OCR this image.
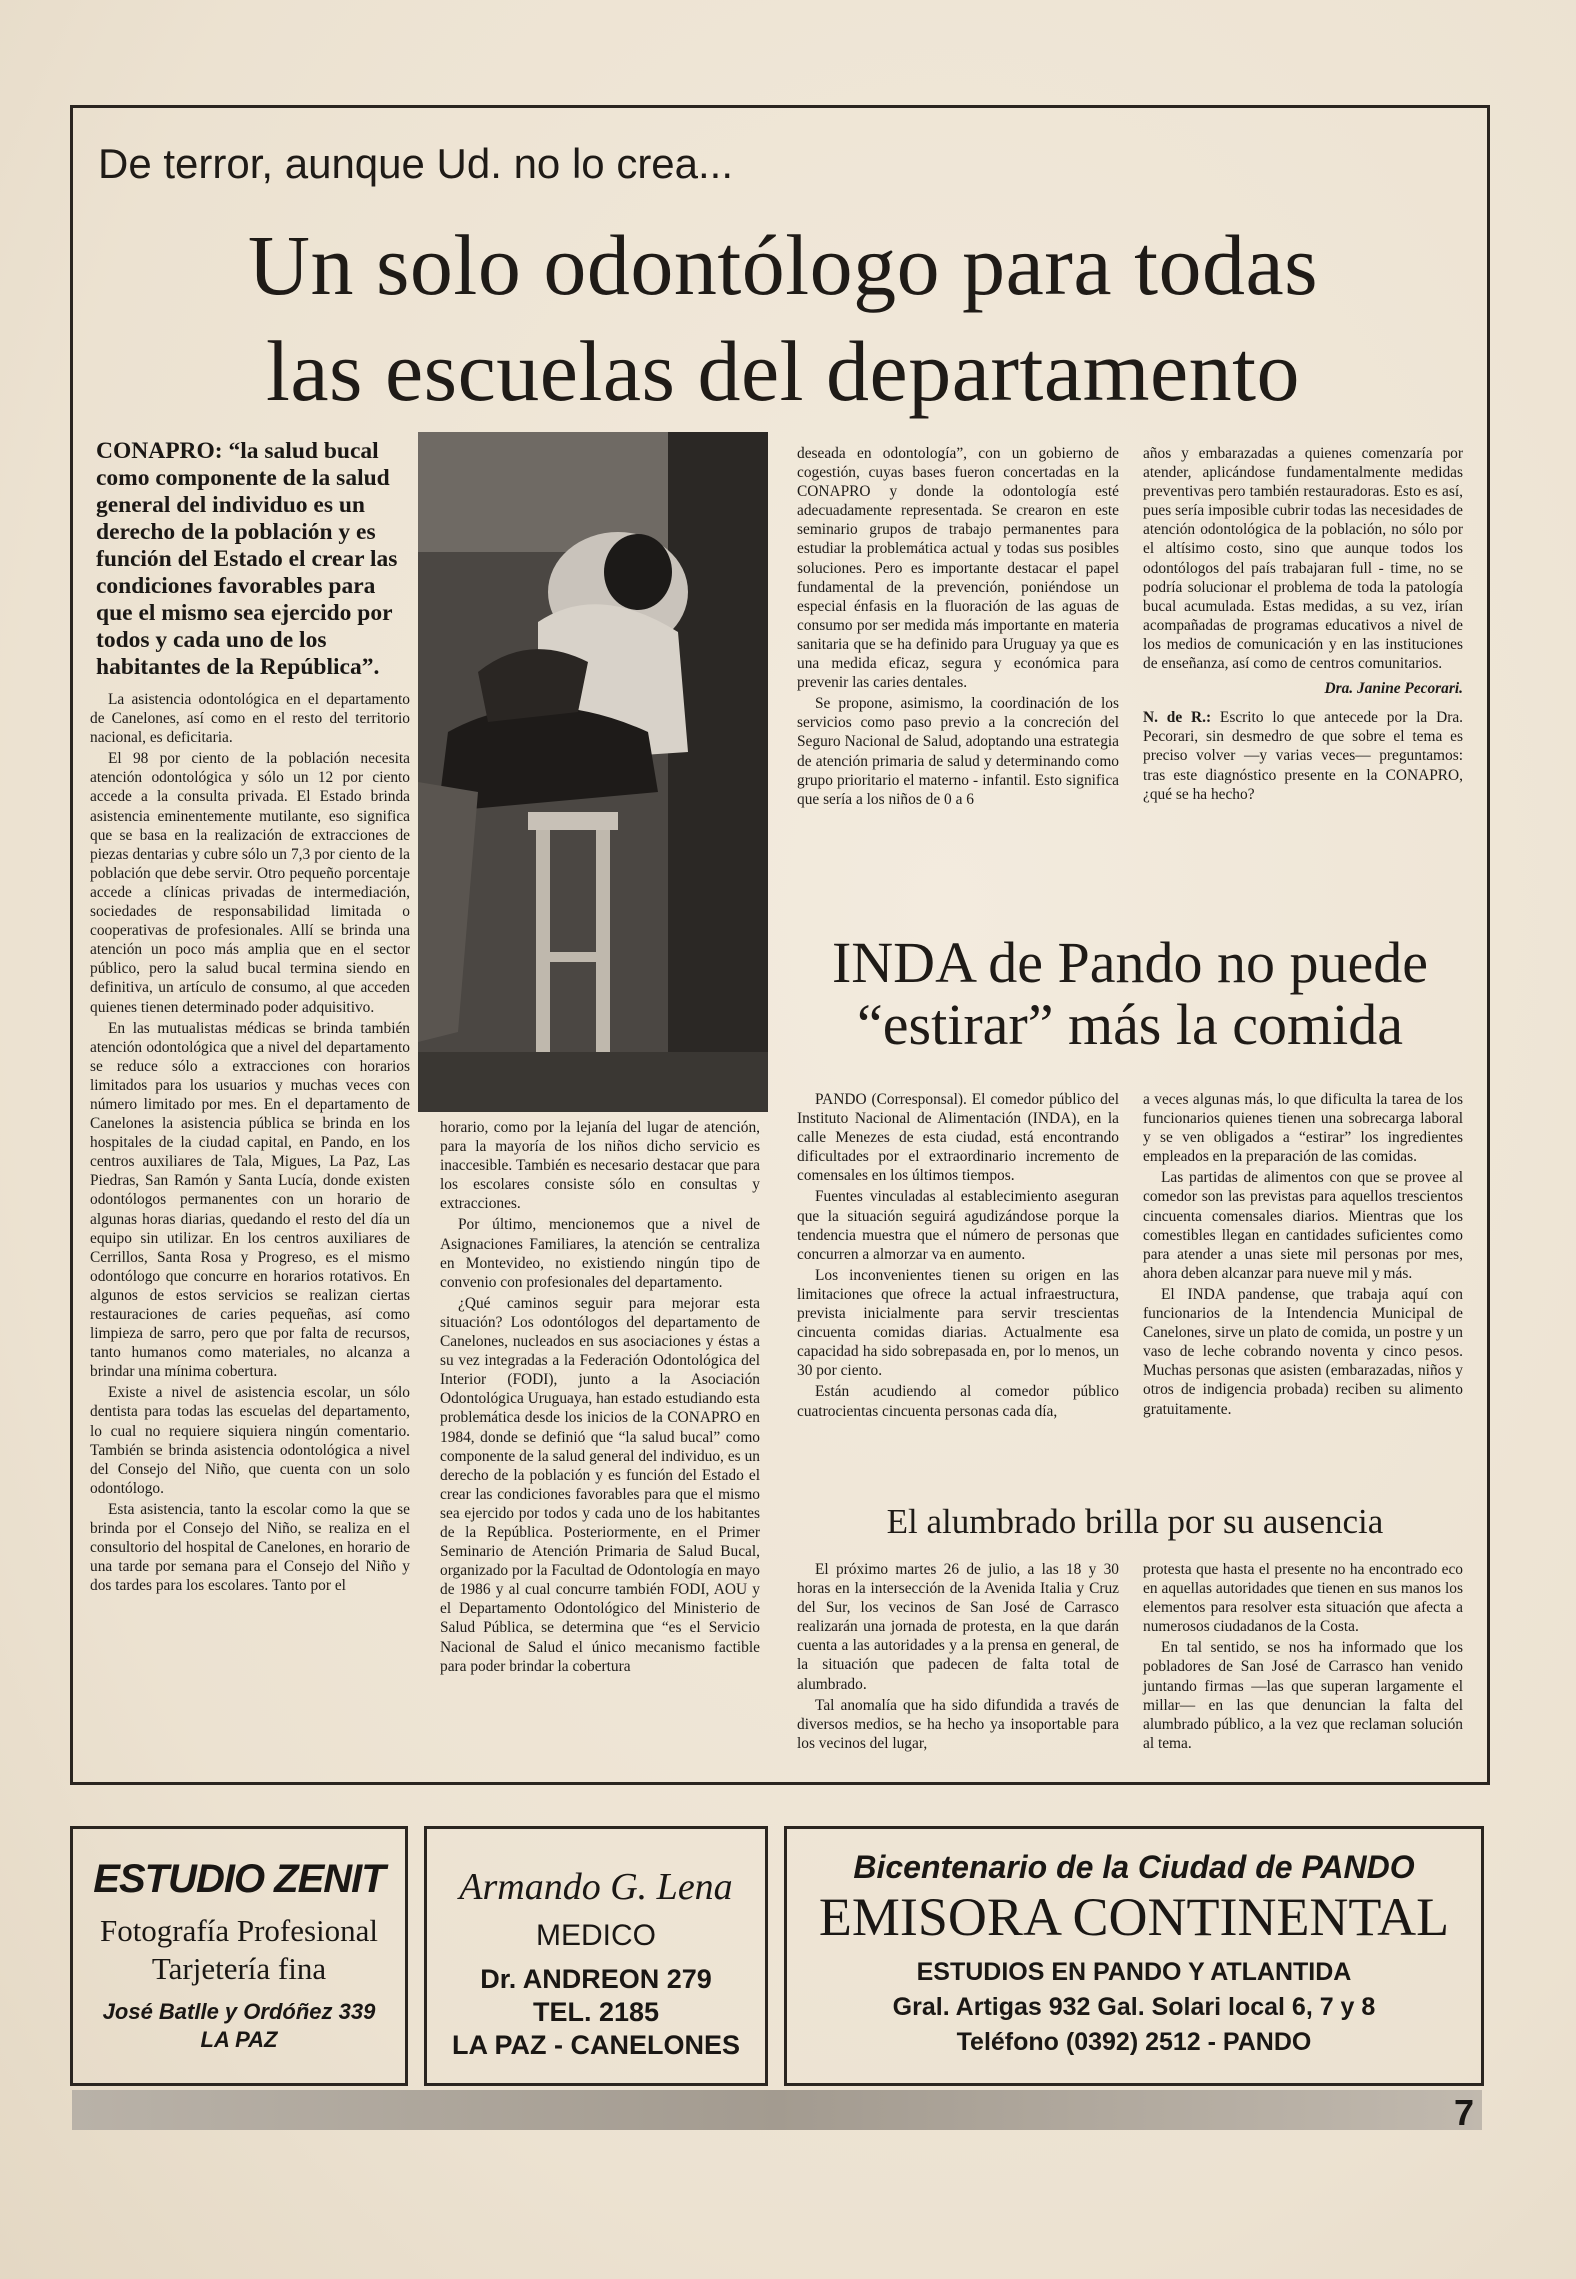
De terror, aunque Ud. no lo crea...
Un solo odontólogo para todas
las escuelas del departamento
CONAPRO: “la salud bucal como componente de la salud general del individuo es un derecho de la población y es función del Estado el crear las condiciones favorables para que el mismo sea ejercido por todos y cada uno de los habitantes de la República”.

La asistencia odontológica en el departamento de Canelones, así como en el resto del territorio nacional, es deficitaria.

El 98 por ciento de la población necesita atención odontológica y sólo un 12 por ciento accede a la consulta privada. El Estado brinda asistencia eminentemente mutilante, eso significa que se basa en la realización de extracciones de piezas dentarias y cubre sólo un 7,3 por ciento de la población que debe servir. Otro pequeño porcentaje accede a clínicas privadas de intermediación, sociedades de responsabilidad limitada o cooperativas de profesionales. Allí se brinda una atención un poco más amplia que en el sector público, pero la salud bucal termina siendo en definitiva, un artículo de consumo, al que acceden quienes tienen determinado poder adquisitivo.

En las mutualistas médicas se brinda también atención odontológica que a nivel del departamento se reduce sólo a extracciones con horarios limitados para los usuarios y muchas veces con número limitado por mes. En el departamento de Canelones la asistencia pública se brinda en los hospitales de la ciudad capital, en Pando, en los centros auxiliares de Tala, Migues, La Paz, Las Piedras, San Ramón y Santa Lucía, donde existen odontólogos permanentes con un horario de algunas horas diarias, quedando el resto del día un equipo sin utilizar. En los centros auxiliares de Cerrillos, Santa Rosa y Progreso, es el mismo odontólogo que concurre en horarios rotativos. En algunos de estos servicios se realizan ciertas restauraciones de caries pequeñas, así como limpieza de sarro, pero que por falta de recursos, tanto humanos como materiales, no alcanza a brindar una mínima cobertura.

Existe a nivel de asistencia escolar, un sólo dentista para todas las escuelas del departamento, lo cual no requiere siquiera ningún comentario. También se brinda asistencia odontológica a nivel del Consejo del Niño, que cuenta con un solo odontólogo.

Esta asistencia, tanto la escolar como la que se brinda por el Consejo del Niño, se realiza en el consultorio del hospital de Canelones, en horario de una tarde por semana para el Consejo del Niño y dos tardes para los escolares. Tanto por el

horario, como por la lejanía del lugar de atención, para la mayoría de los niños dicho servicio es inaccesible. También es necesario destacar que para los escolares consiste sólo en consultas y extracciones.

Por último, mencionemos que a nivel de Asignaciones Familiares, la atención se centraliza en Montevideo, no existiendo ningún tipo de convenio con profesionales del departamento.

¿Qué caminos seguir para mejorar esta situación? Los odontólogos del departamento de Canelones, nucleados en sus asociaciones y éstas a su vez integradas a la Federación Odontológica del Interior (FODI), junto a la Asociación Odontológica Uruguaya, han estado estudiando esta problemática desde los inicios de la CONAPRO en 1984, donde se definió que “la salud bucal” como componente de la salud general del individuo, es un derecho de la población y es función del Estado el crear las condiciones favorables para que el mismo sea ejercido por todos y cada uno de los habitantes de la República. Posteriormente, en el Primer Seminario de Atención Primaria de Salud Bucal, organizado por la Facultad de Odontología en mayo de 1986 y al cual concurre también FODI, AOU y el Departamento Odontológico del Ministerio de Salud Pública, se determina que “es el Servicio Nacional de Salud el único mecanismo factible para poder brindar la cobertura

deseada en odontología”, con un gobierno de cogestión, cuyas bases fueron concertadas en la CONAPRO y donde la odontología esté adecuadamente representada. Se crearon en este seminario grupos de trabajo permanentes para estudiar la problemática actual y todas sus posibles soluciones. Pero es importante destacar el papel fundamental de la prevención, poniéndose un especial énfasis en la fluoración de las aguas de consumo por ser medida más importante en materia sanitaria que se ha definido para Uruguay ya que es una medida eficaz, segura y económica para prevenir las caries dentales.

Se propone, asimismo, la coordinación de los servicios como paso previo a la concreción del Seguro Nacional de Salud, adoptando una estrategia de atención primaria de salud y determinando como grupo prioritario el materno - infantil. Esto significa que sería a los niños de 0 a 6

años y embarazadas a quienes comenzaría por atender, aplicándose fundamentalmente medidas preventivas pero también restauradoras. Esto es así, pues sería imposible cubrir todas las necesidades de atención odontológica de la población, no sólo por el altísimo costo, sino que aunque todos los odontólogos del país trabajaran full - time, no se podría solucionar el problema de toda la patología bucal acumulada. Estas medidas, a su vez, irían acompañadas de programas educativos a nivel de los medios de comunicación y en las instituciones de enseñanza, así como de centros comunitarios.

Dra. Janine Pecorari.

N. de R.: Escrito lo que antecede por la Dra. Pecorari, sin desmedro de que sobre el tema es preciso volver —y varias veces— preguntamos: tras este diagnóstico presente en la CONAPRO, ¿qué se ha hecho?

INDA de Pando no puede
“estirar” más la comida

PANDO (Corresponsal). El comedor público del Instituto Nacional de Alimentación (INDA), en la calle Menezes de esta ciudad, está encontrando dificultades por el extraordinario incremento de comensales en los últimos tiempos.

Fuentes vinculadas al establecimiento aseguran que la situación seguirá agudizándose porque la tendencia muestra que el número de personas que concurren a almorzar va en aumento.

Los inconvenientes tienen su origen en las limitaciones que ofrece la actual infraestructura, prevista inicialmente para servir trescientas cincuenta comidas diarias. Actualmente esa capacidad ha sido sobrepasada en, por lo menos, un 30 por ciento.

Están acudiendo al comedor público cuatrocientas cincuenta personas cada día,

a veces algunas más, lo que dificulta la tarea de los funcionarios quienes tienen una sobrecarga laboral y se ven obligados a “estirar” los ingredientes empleados en la preparación de las comidas.

Las partidas de alimentos con que se provee al comedor son las previstas para aquellos trescientos cincuenta comensales diarios. Mientras que los comestibles llegan en cantidades suficientes como para atender a unas siete mil personas por mes, ahora deben alcanzar para nueve mil y más.

El INDA pandense, que trabaja aquí con funcionarios de la Intendencia Municipal de Canelones, sirve un plato de comida, un postre y un vaso de leche cobrando noventa y cinco pesos. Muchas personas que asisten (embarazadas, niños y otros de indigencia probada) reciben su alimento gratuitamente.

El alumbrado brilla por su ausencia

El próximo martes 26 de julio, a las 18 y 30 horas en la intersección de la Avenida Italia y Cruz del Sur, los vecinos de San José de Carrasco realizarán una jornada de protesta, en la que darán cuenta a las autoridades y a la prensa en general, de la situación que padecen de falta total de alumbrado.

Tal anomalía que ha sido difundida a través de diversos medios, se ha hecho ya insoportable para los vecinos del lugar,

protesta que hasta el presente no ha encontrado eco en aquellas autoridades que tienen en sus manos los elementos para resolver esta situación que afecta a numerosos ciudadanos de la Costa.

En tal sentido, se nos ha informado que los pobladores de San José de Carrasco han venido juntando firmas —las que superan largamente el millar— en las que denuncian la falta del alumbrado público, a la vez que reclaman solución al tema.

ESTUDIO ZENIT
Fotografía Profesional
Tarjetería fina
José Batlle y Ordóñez 339
LA PAZ
Armando G. Lena
MEDICO
Dr. ANDREON 279
TEL. 2185
LA PAZ - CANELONES
Bicentenario de la Ciudad de PANDO
EMISORA CONTINENTAL
ESTUDIOS EN PANDO Y ATLANTIDA
Gral. Artigas 932 Gal. Solari local 6, 7 y 8
Teléfono (0392) 2512 - PANDO
7
